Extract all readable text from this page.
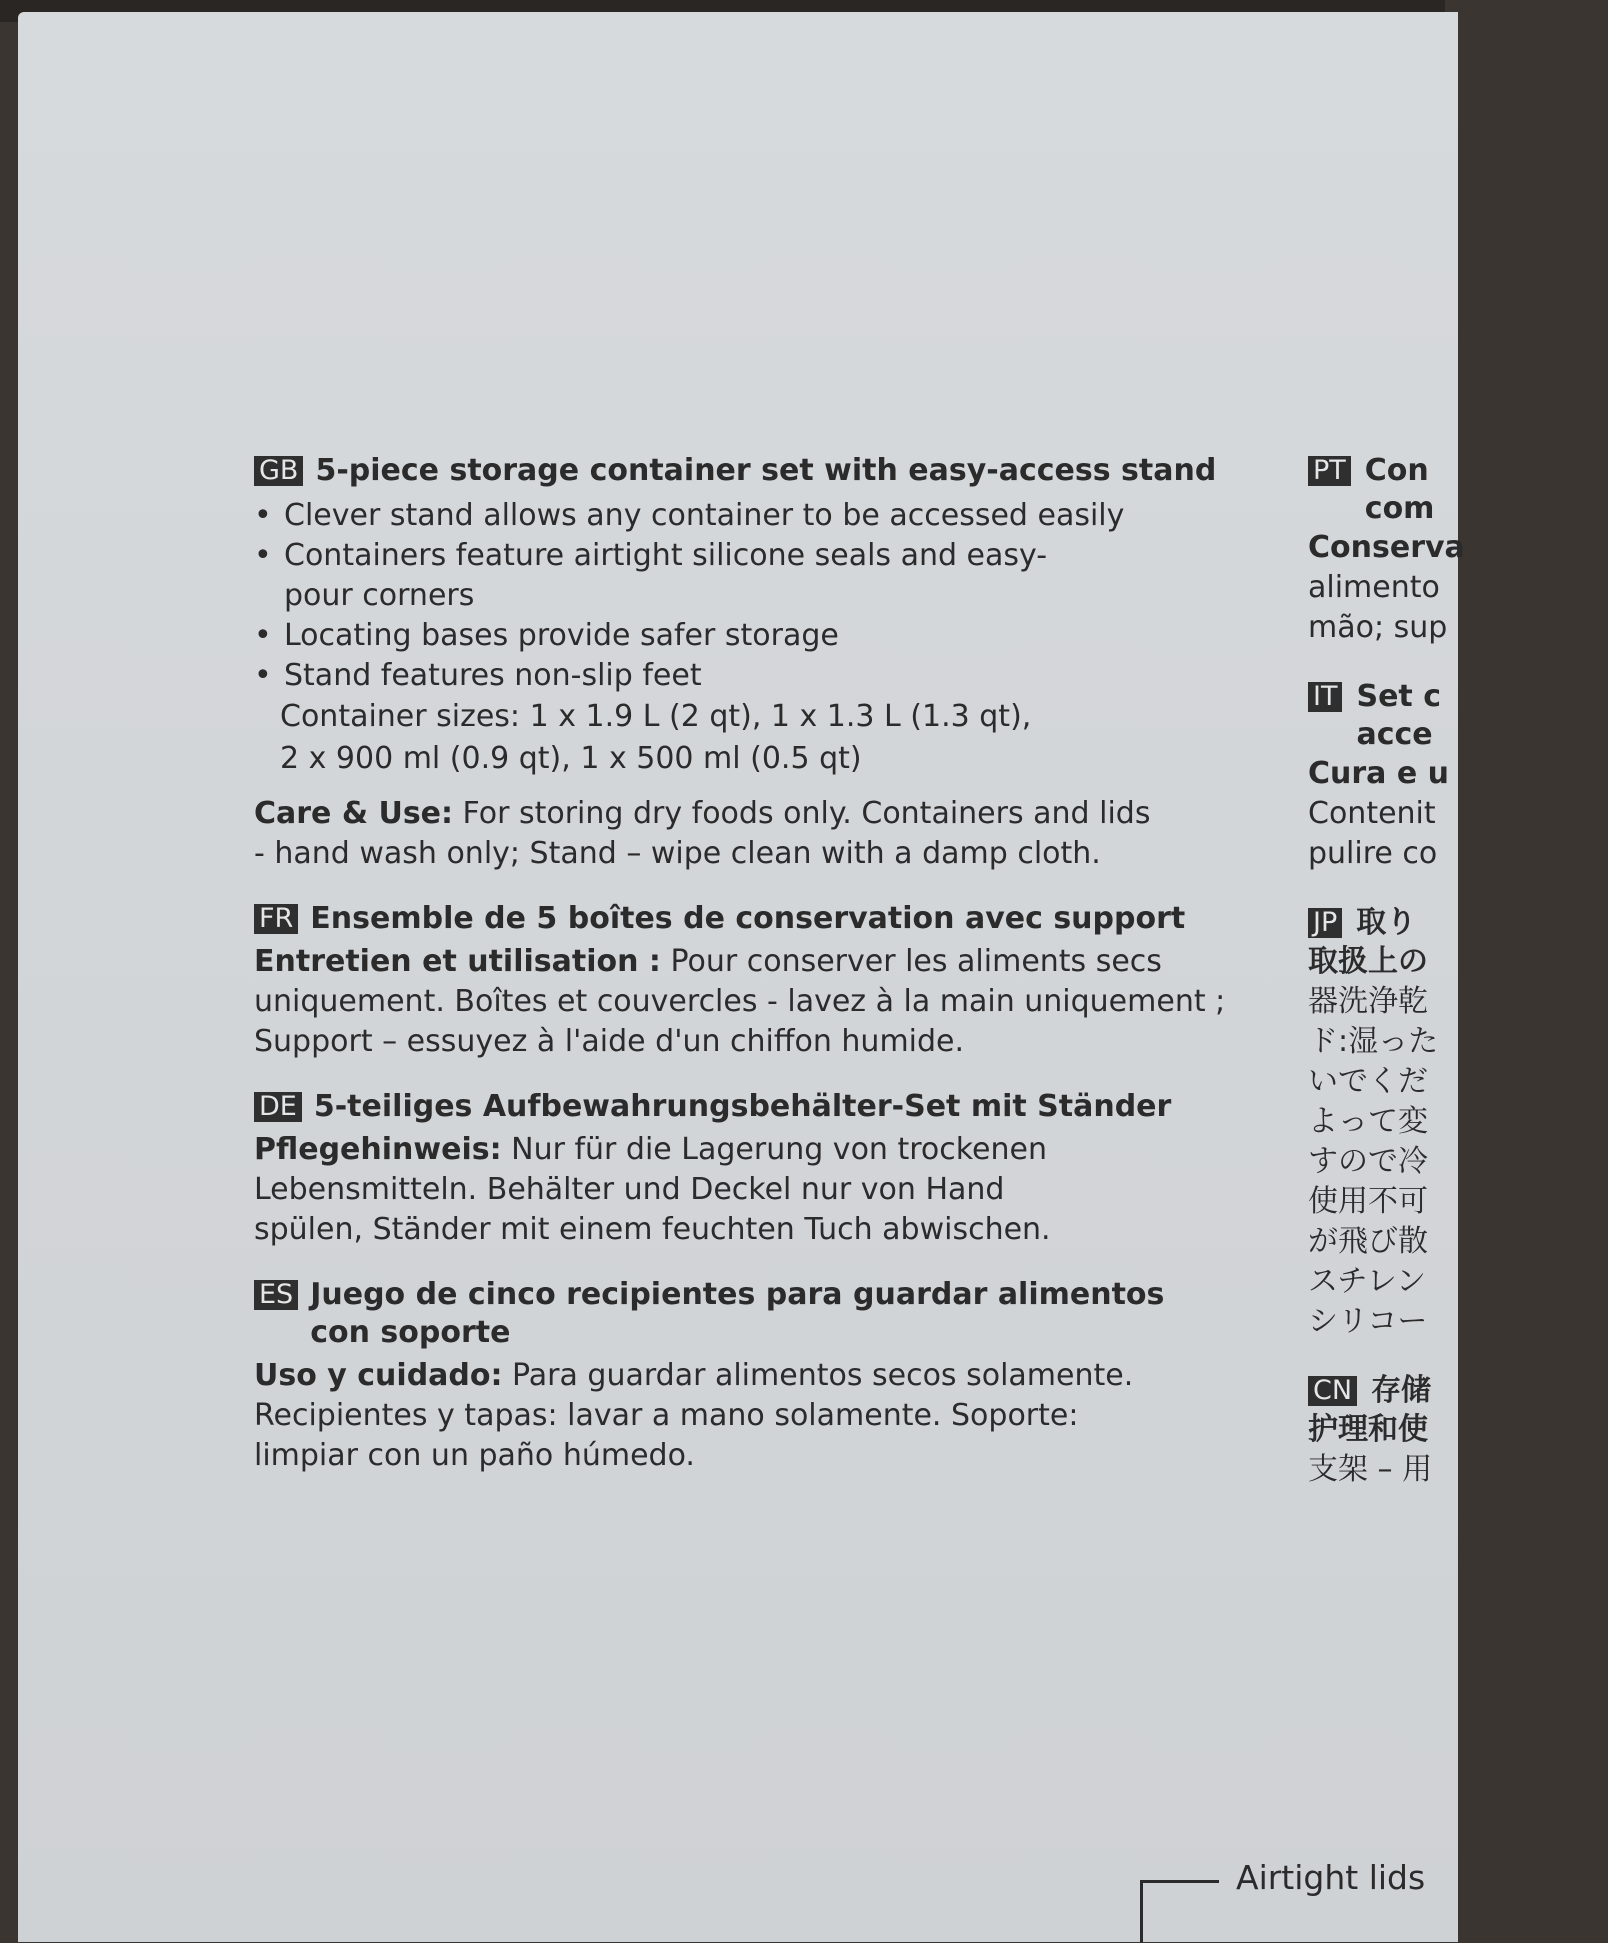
GB 5-piece storage container set with easy-access stand
• Clever stand allows any container to be accessed easily
• Containers feature airtight silicone seals and easy-
pour corners
• Locating bases provide safer storage
• Stand features non-slip feet
Container sizes: 1 x 1.9 L (2 qt), 1 x 1.3 L (1.3 qt),
2 x 900 ml (0.9 qt), 1 x 500 ml (0.5 qt)
Care & Use: For storing dry foods only. Containers and lids
- hand wash only; Stand – wipe clean with a damp cloth.
FR Ensemble de 5 boîtes de conservation avec support
Entretien et utilisation : Pour conserver les aliments secs
uniquement. Boîtes et couvercles - lavez à la main uniquement ;
Support – essuyez à l'aide d'un chiffon humide.
DE 5-teiliges Aufbewahrungsbehälter-Set mit Ständer
Pflegehinweis: Nur für die Lagerung von trockenen
Lebensmitteln. Behälter und Deckel nur von Hand
spülen, Ständer mit einem feuchten Tuch abwischen.
ES Juego de cinco recipientes para guardar alimentos
con soporte
Uso y cuidado: Para guardar alimentos secos solamente.
Recipientes y tapas: lavar a mano solamente. Soporte:
limpiar con un paño húmedo.
PT Con
com
Conserva
alimento
mão; sup
IT Set c
acce
Cura e u
Contenit
pulire co
JP 取り
取扱上の
器洗浄乾
ド:湿った
いでくだ
よって変
すので冷
使用不可
が飛び散
スチレン
シリコー
CN 存储
护理和使
支架 – 用
Airtight lids
